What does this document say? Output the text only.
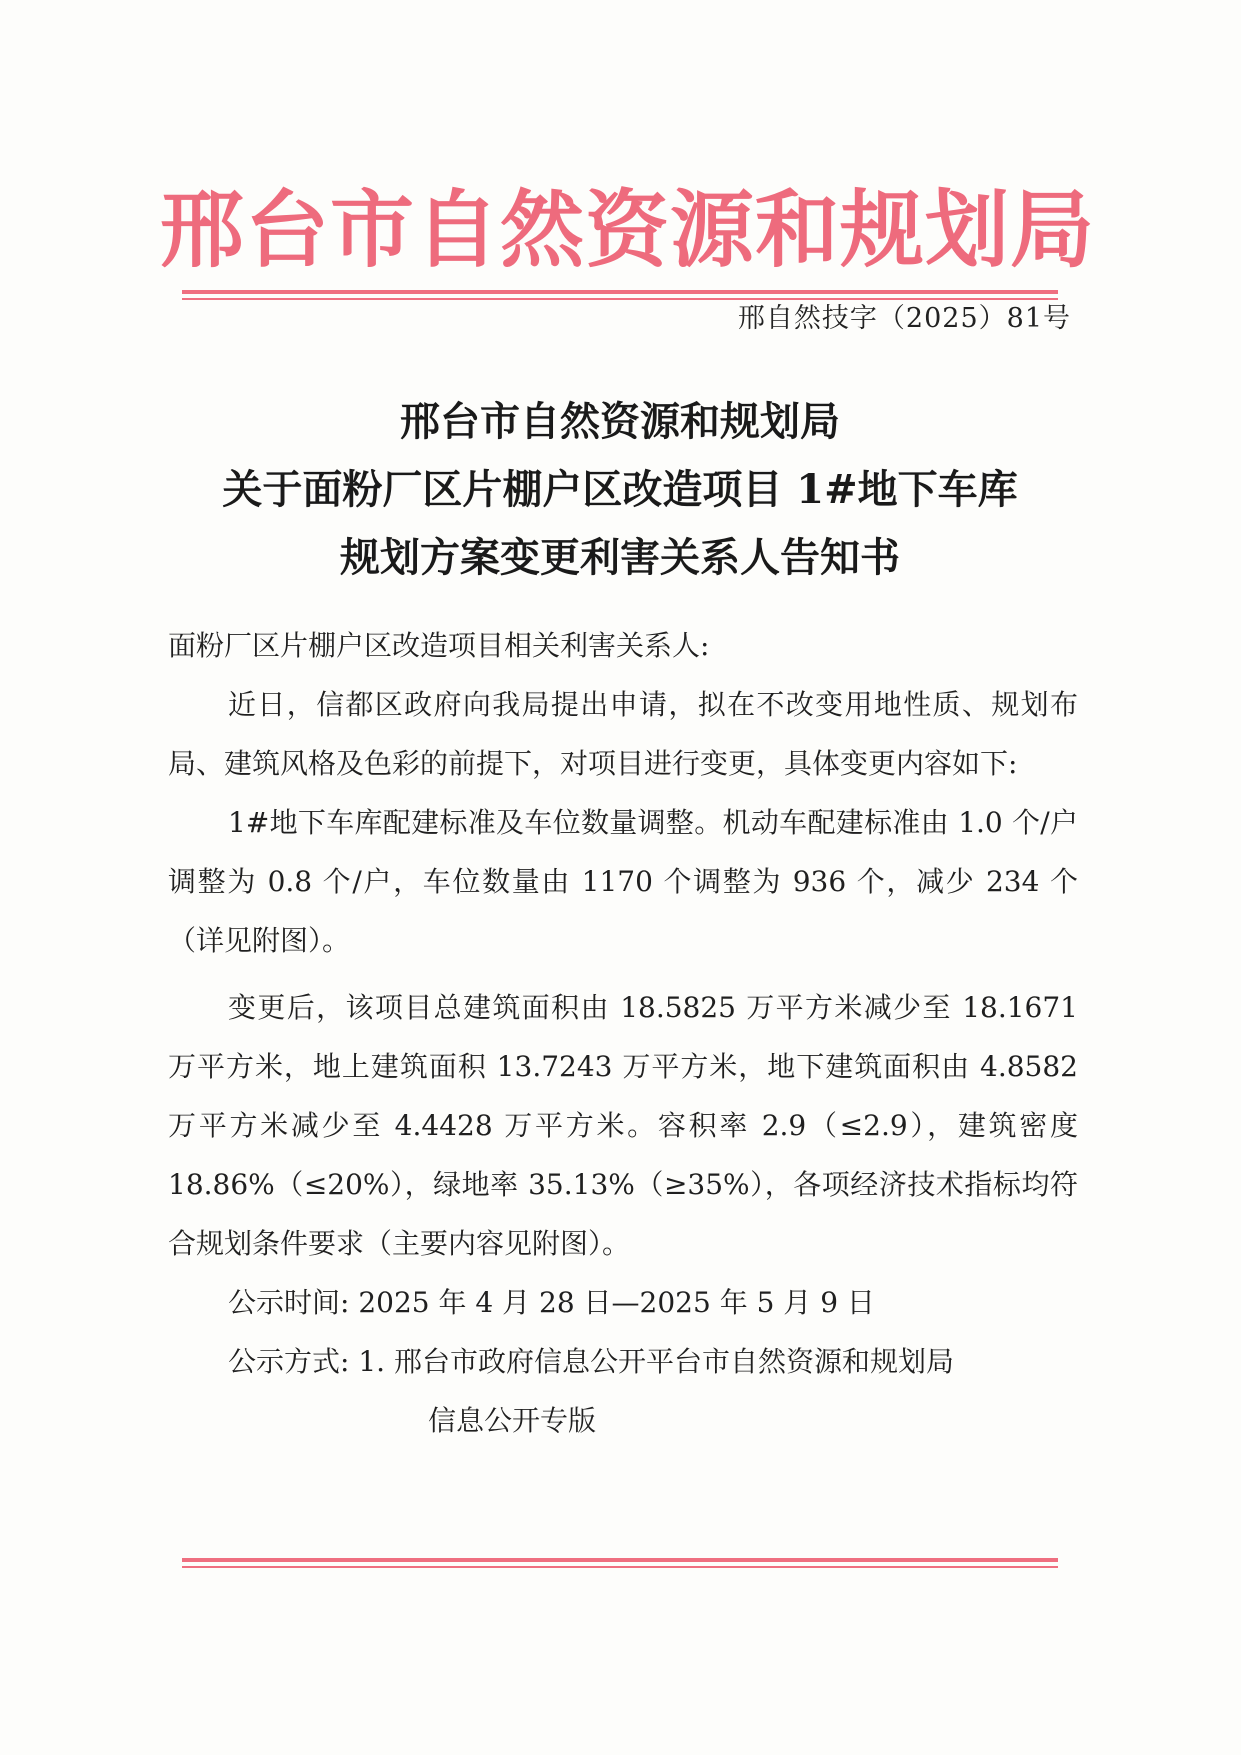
邢台市自然资源和规划局
邢自然技字（2025）81号
邢台市自然资源和规划局
关于面粉厂区片棚户区改造项目 1#地下车库
规划方案变更利害关系人告知书

面粉厂区片棚户区改造项目相关利害关系人:

近日，信都区政府向我局提出申请，拟在不改变用地性质、规划布局、建筑风格及色彩的前提下，对项目进行变更，具体变更内容如下:

1#地下车库配建标准及车位数量调整。机动车配建标准由 1.0 个/户调整为 0.8 个/户，车位数量由 1170 个调整为 936 个，减少 234 个（详见附图）。

变更后，该项目总建筑面积由 18.5825 万平方米减少至 18.1671 万平方米，地上建筑面积 13.7243 万平方米，地下建筑面积由 4.8582 万平方米减少至 4.4428 万平方米。容积率 2.9（≤2.9），建筑密度 18.86%（≤20%），绿地率 35.13%（≥35%），各项经济技术指标均符合规划条件要求（主要内容见附图）。

公示时间: 2025 年 4 月 28 日—2025 年 5 月 9 日

公示方式: 1. 邢台市政府信息公开平台市自然资源和规划局

信息公开专版
